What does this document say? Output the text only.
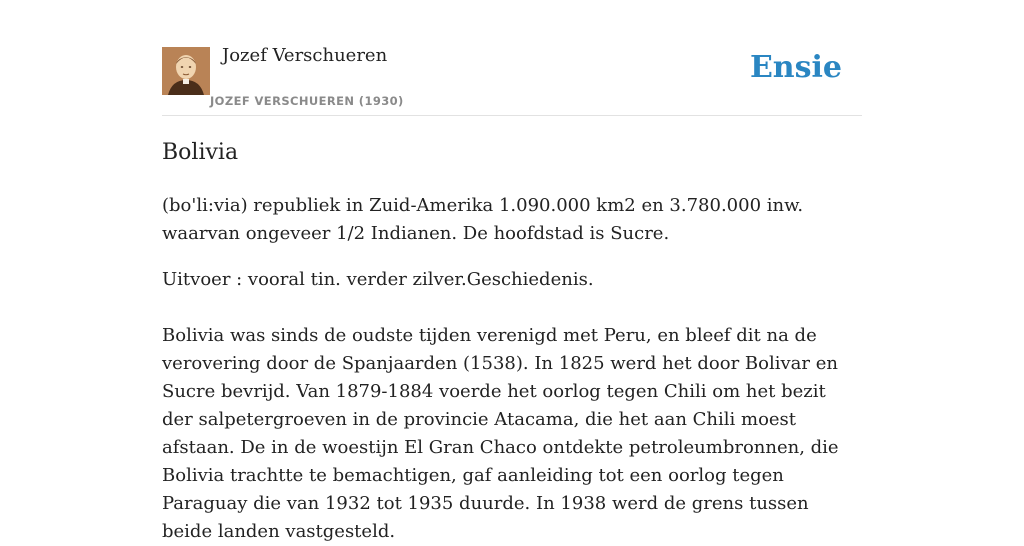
Jozef Verschueren
JOZEF VERSCHUEREN (1930)
Ensie
Bolivia

(bo'li:via) republiek in Zuid-Amerika 1.090.000 km2 en 3.780.000 inw. waarvan ongeveer 1/2 Indianen. De hoofdstad is Sucre.

Uitvoer : vooral tin. verder zilver.Geschiedenis.

Bolivia was sinds de oudste tijden verenigd met Peru, en bleef dit na de verovering door de Spanjaarden (1538). In 1825 werd het door Bolivar en Sucre bevrijd. Van 1879-1884 voerde het oorlog tegen Chili om het bezit der salpetergroeven in de provincie Atacama, die het aan Chili moest afstaan. De in de woestijn El Gran Chaco ontdekte petroleumbronnen, die Bolivia trachtte te bemachtigen, gaf aanleiding tot een oorlog tegen Paraguay die van 1932 tot 1935 duurde. In 1938 werd de grens tussen beide landen vastgesteld.
